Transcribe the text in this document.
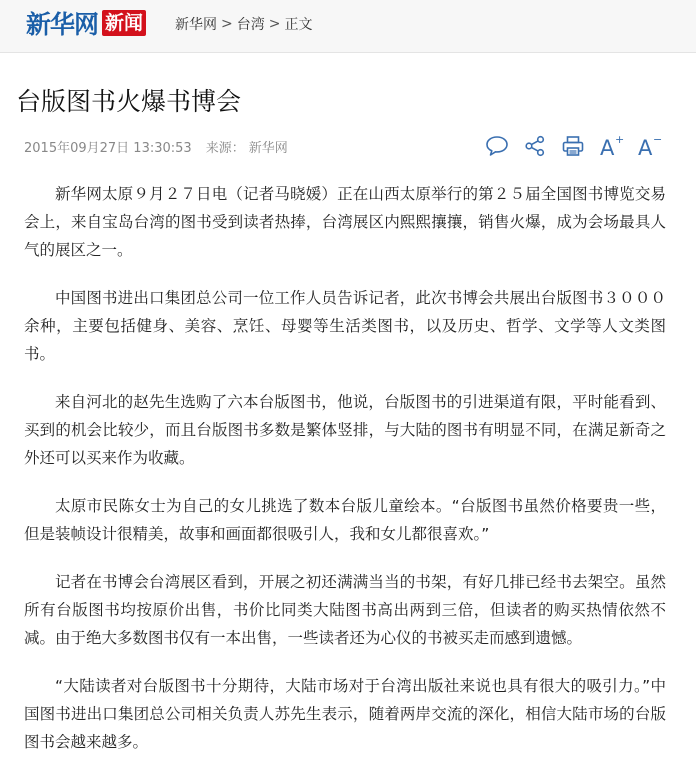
新华网 新闻 新华网 > 台湾 > 正文
台版图书火爆书博会
2015年09月27日 13:30:53 来源： 新华网	A + A −

新华网太原９月２７日电（记者马晓媛）正在山西太原举行的第２５届全国图书博览交易会上，来自宝岛台湾的图书受到读者热捧，台湾展区内熙熙攘攘，销售火爆，成为会场最具人气的展区之一。

中国图书进出口集团总公司一位工作人员告诉记者，此次书博会共展出台版图书３０００余种，主要包括健身、美容、烹饪、母婴等生活类图书，以及历史、哲学、文学等人文类图书。

来自河北的赵先生选购了六本台版图书，他说，台版图书的引进渠道有限，平时能看到、买到的机会比较少，而且台版图书多数是繁体竖排，与大陆的图书有明显不同，在满足新奇之外还可以买来作为收藏。

太原市民陈女士为自己的女儿挑选了数本台版儿童绘本。“台版图书虽然价格要贵一些，但是装帧设计很精美，故事和画面都很吸引人，我和女儿都很喜欢。”

记者在书博会台湾展区看到，开展之初还满满当当的书架，有好几排已经书去架空。虽然所有台版图书均按原价出售，书价比同类大陆图书高出两到三倍，但读者的购买热情依然不减。由于绝大多数图书仅有一本出售，一些读者还为心仪的书被买走而感到遗憾。

“大陆读者对台版图书十分期待，大陆市场对于台湾出版社来说也具有很大的吸引力。”中国图书进出口集团总公司相关负责人苏先生表示，随着两岸交流的深化，相信大陆市场的台版图书会越来越多。
